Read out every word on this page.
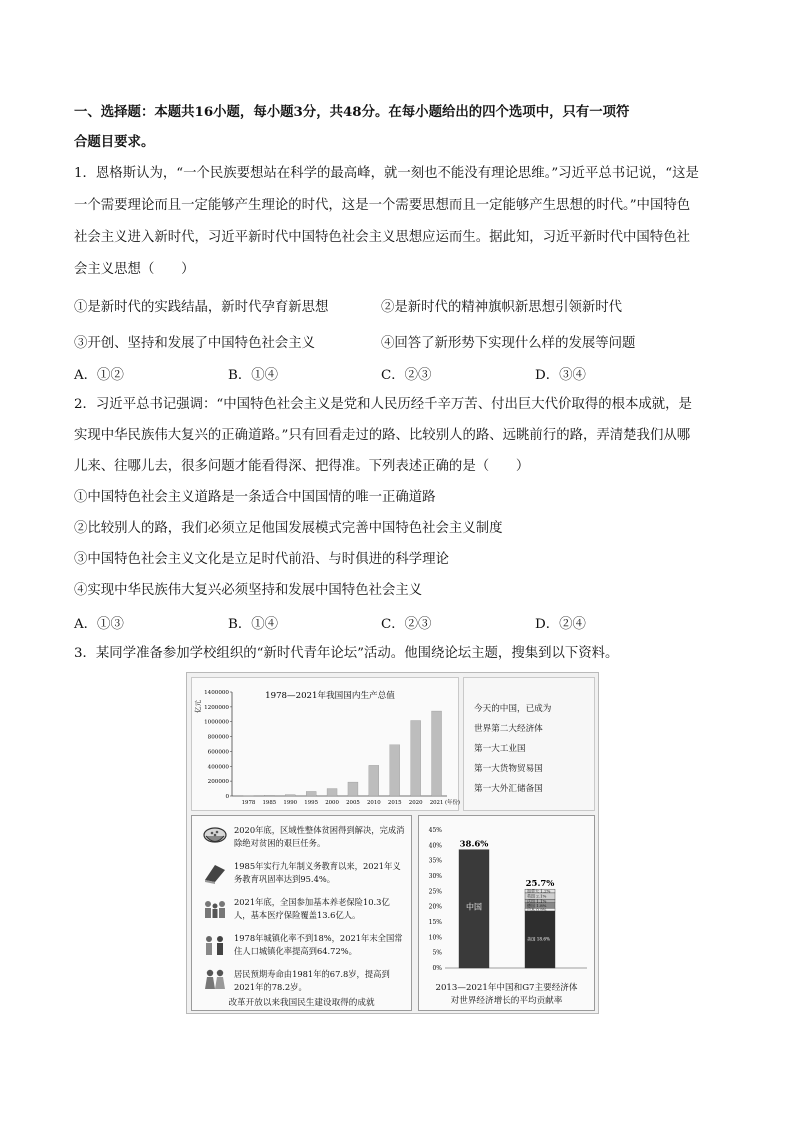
一、选择题：本题共16小题，每小题3分，共48分。在每小题给出的四个选项中，只有一项符
合题目要求。
1．恩格斯认为，“一个民族要想站在科学的最高峰，就一刻也不能没有理论思维。”习近平总书记说，“这是
一个需要理论而且一定能够产生理论的时代，这是一个需要思想而且一定能够产生思想的时代。”中国特色
社会主义进入新时代，习近平新时代中国特色社会主义思想应运而生。据此知，习近平新时代中国特色社
会主义思想（　　）
①是新时代的实践结晶，新时代孕育新思想	②是新时代的精神旗帜新思想引领新时代
③开创、坚持和发展了中国特色社会主义	④回答了新形势下实现什么样的发展等问题
A．①②	B．①④	C．②③	D．③④
2．习近平总书记强调：“中国特色社会主义是党和人民历经千辛万苦、付出巨大代价取得的根本成就，是
实现中华民族伟大复兴的正确道路。”只有回看走过的路、比较别人的路、远眺前行的路，弄清楚我们从哪
儿来、往哪儿去，很多问题才能看得深、把得准。下列表述正确的是（　　）
①中国特色社会主义道路是一条适合中国国情的唯一正确道路
②比较别人的路，我们必须立足他国发展模式完善中国特色社会主义制度
③中国特色社会主义文化是立足时代前沿、与时俱进的科学理论
④实现中华民族伟大复兴必须坚持和发展中国特色社会主义
A．①③	B．①④	C．②③	D．②④
3．某同学准备参加学校组织的“新时代青年论坛”活动。他围绕论坛主题，搜集到以下资料。
1978—2021年我国国内生产总值
亿元
0
200000
400000
600000
800000
1000000
1200000
1400000
1978 1985 1990 1995 2000 2005 2010 2015 2020 2021 (年份)
今天的中国，已成为
世界第二大经济体
第一大工业国
第一大货物贸易国
第一大外汇储备国
2020年底，区域性整体贫困得到解决，完成消除绝对贫困的艰巨任务。
1985年实行九年制义务教育以来，2021年义务教育巩固率达到95.4%。
2021年底，全国参加基本养老保险10.3亿人，基本医疗保险覆盖13.6亿人。
1978年城镇化率不到18%，2021年末全国常住人口城镇化率提高到64.72%。
居民预期寿命由1981年的67.8岁，提高到2021年的78.2岁。
改革开放以来我国民生建设取得的成就
0%
5%
10%
15%
20%
25%
30%
35%
40%
45%
38.6%
25.7%
中国
美国 18.6%
日本 0.9%
德国 1.8%
法国 1.1%
英国 2.1%
加拿大 1.2%
2013—2021年中国和G7主要经济体
对世界经济增长的平均贡献率
